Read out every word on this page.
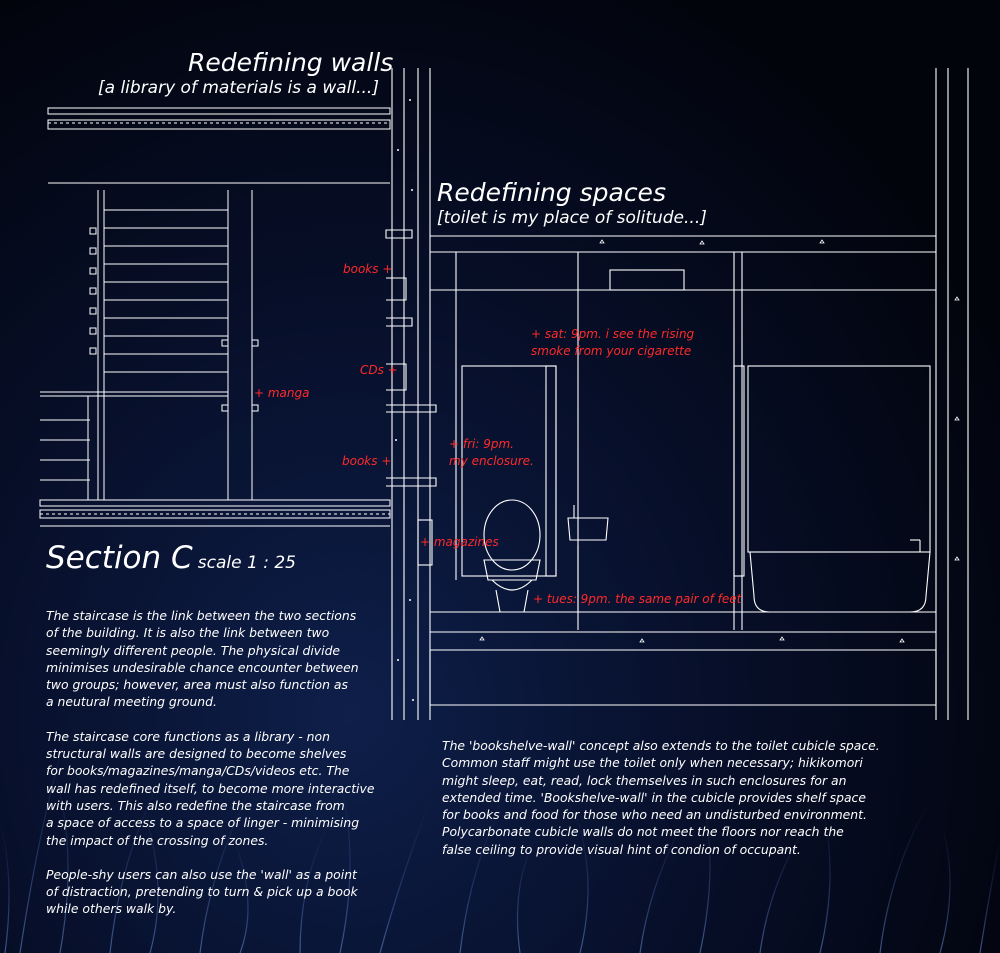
Redefining walls
[a library of materials is a wall...]
Redefining spaces
[toilet is my place of solitude...]
Section C scale 1 : 25
books +
CDs +
books +
+ manga
+ magazines
+ sat: 9pm. i see the rising
smoke from your cigarette
+ fri: 9pm.
my enclosure.
+ tues: 9pm. the same pair of feet

The staircase is the link between the two sections
of the building. It is also the link between two
seemingly different people. The physical divide
minimises undesirable chance encounter between
two groups; however, area must also function as
a neutural meeting ground.

The staircase core functions as a library - non
structural walls are designed to become shelves
for books/magazines/manga/CDs/videos etc. The
wall has redefined itself, to become more interactive
with users. This also redefine the staircase from
a space of access to a space of linger - minimising
the impact of the crossing of zones.

People-shy users can also use the 'wall' as a point
of distraction, pretending to turn & pick up a book
while others walk by.

The 'bookshelve-wall' concept also extends to the toilet cubicle space.
Common staff might use the toilet only when necessary; hikikomori
might sleep, eat, read, lock themselves in such enclosures for an
extended time. 'Bookshelve-wall' in the cubicle provides shelf space
for books and food for those who need an undisturbed environment.
Polycarbonate cubicle walls do not meet the floors nor reach the
false ceiling to provide visual hint of condion of occupant.
